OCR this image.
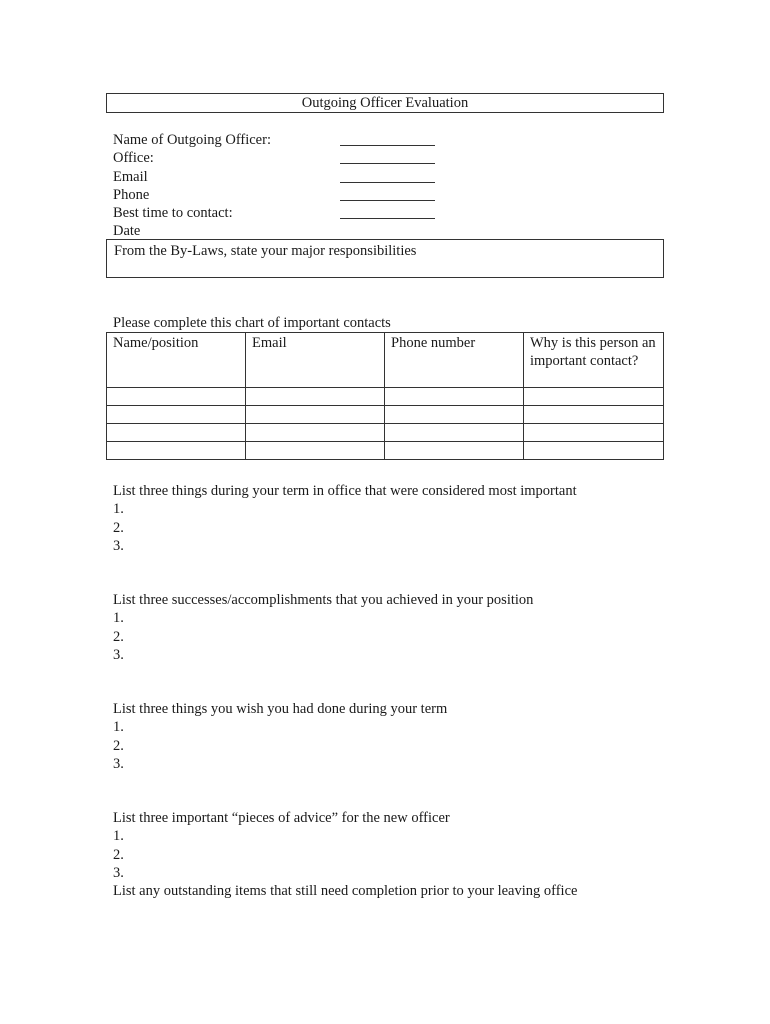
Outgoing Officer Evaluation
Name of Outgoing Officer:
Office:
Email
Phone
Best time to contact:
Date
From the By-Laws, state your major responsibilities
Please complete this chart of important contacts
Name/position	Email	Phone number	Why is this person an important contact?

List three things during your term in office that were considered most important
1.
2.
3.
List three successes/accomplishments that you achieved in your position
1.
2.
3.
List three things you wish you had done during your term
1.
2.
3.
List three important “pieces of advice” for the new officer
1.
2.
3.
List any outstanding items that still need completion prior to your leaving office
